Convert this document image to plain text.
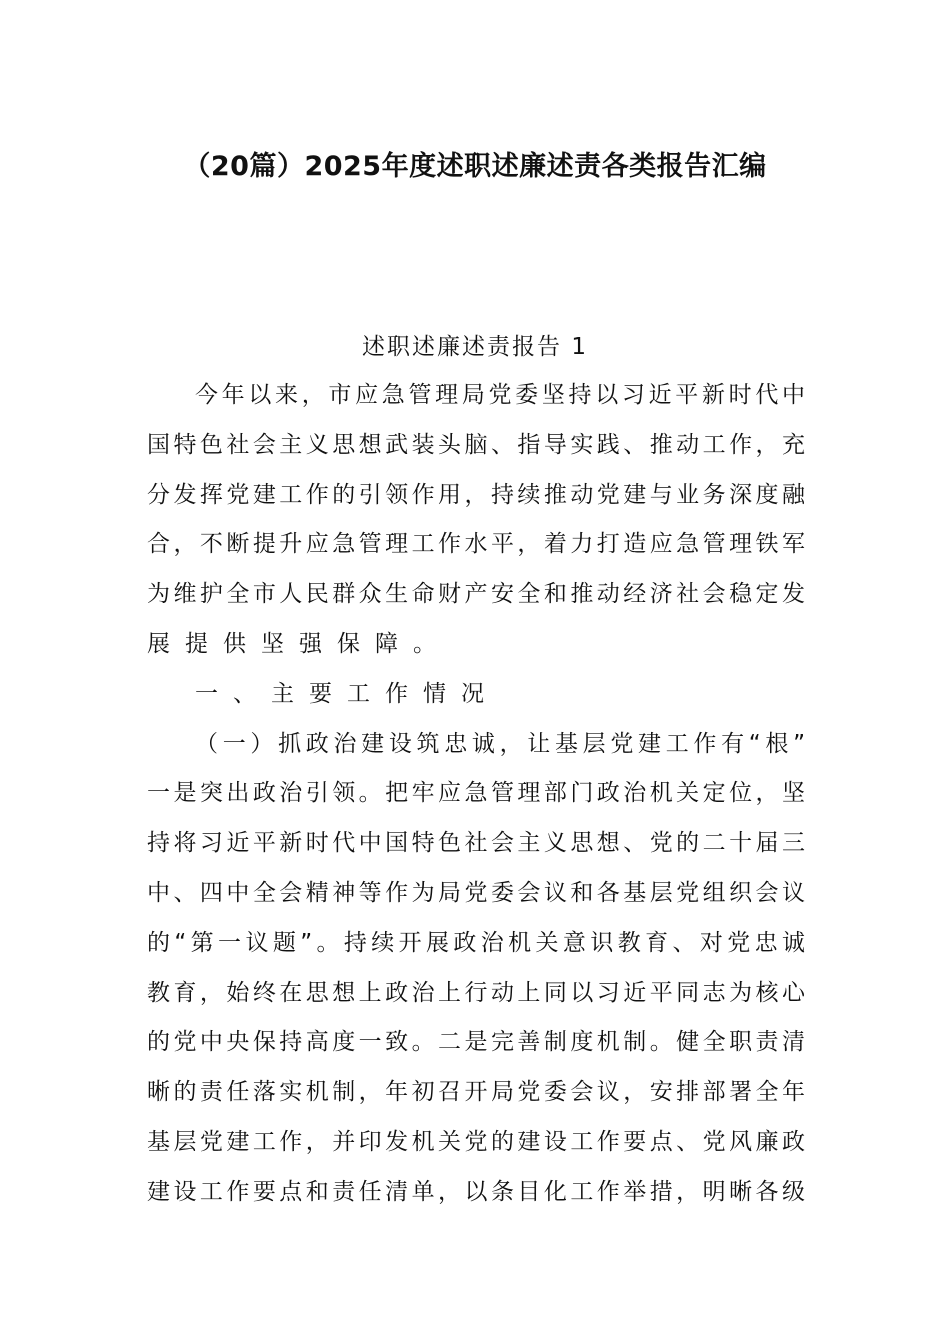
（20篇）2025年度述职述廉述责各类报告汇编
述职述廉述责报告 1
今年以来，市应急管理局党委坚持以习近平新时代中
国特色社会主义思想武装头脑、指导实践、推动工作，充
分发挥党建工作的引领作用，持续推动党建与业务深度融
合，不断提升应急管理工作水平，着力打造应急管理铁军
为维护全市人民群众生命财产安全和推动经济社会稳定发
展提供坚强保障。
一、主要工作情况
（一）抓政治建设筑忠诚，让基层党建工作有“根”
一是突出政治引领。把牢应急管理部门政治机关定位，坚
持将习近平新时代中国特色社会主义思想、党的二十届三
中、四中全会精神等作为局党委会议和各基层党组织会议
的“第一议题”。持续开展政治机关意识教育、对党忠诚
教育，始终在思想上政治上行动上同以习近平同志为核心
的党中央保持高度一致。二是完善制度机制。健全职责清
晰的责任落实机制，年初召开局党委会议，安排部署全年
基层党建工作，并印发机关党的建设工作要点、党风廉政
建设工作要点和责任清单，以条目化工作举措，明晰各级
